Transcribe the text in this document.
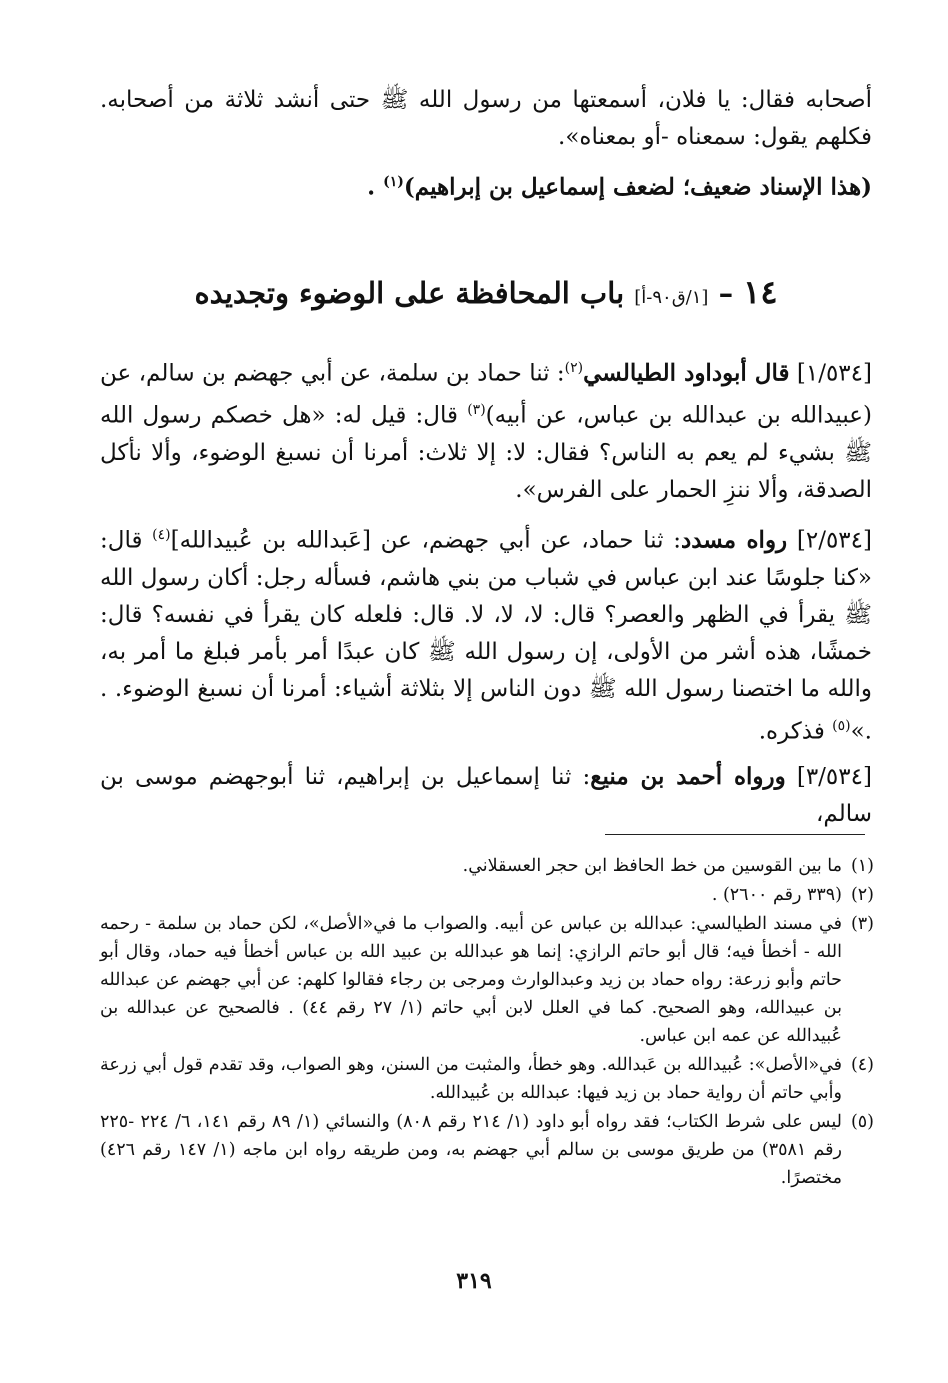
أصحابه فقال: يا فلان، أسمعتها من رسول الله ﷺ حتى أنشد ثلاثة من أصحابه. فكلهم يقول: سمعناه -أو بمعناه».

(هذا الإسناد ضعيف؛ لضعف إسماعيل بن إبراهيم)$^{(١)}$ .

١٤ – [١/ق٩٠-أ] باب المحافظة على الوضوء وتجديده

[١/٥٣٤] قال أبوداود الطيالسي$^{(٢)}$: ثنا حماد بن سلمة، عن أبي جهضم بن سالم، عن (عبيدالله بن عبدالله بن عباس، عن أبيه)$^{(٣)}$ قال: قيل له: «هل خصكم رسول الله ﷺ بشيء لم يعم به الناس؟ فقال: لا: إلا ثلاث: أمرنا أن نسبغ الوضوء، وألا نأكل الصدقة، وألا ننزِ الحمار على الفرس».

[٢/٥٣٤] رواه مسدد: ثنا حماد، عن أبي جهضم، عن [عَبدالله بن عُبيدالله]$^{(٤)}$ قال: «كنا جلوسًا عند ابن عباس في شباب من بني هاشم، فسأله رجل: أكان رسول الله ﷺ يقرأ في الظهر والعصر؟ قال: لا، لا، لا. قال: فلعله كان يقرأ في نفسه؟ قال: خمشًا، هذه أشر من الأولى، إن رسول الله ﷺ كان عبدًا أمر بأمر فبلغ ما أمر به، والله ما اختصنا رسول الله ﷺ دون الناس إلا بثلاثة أشياء: أمرنا أن نسبغ الوضوء. . .»$^{(٥)}$ فذكره.

[٣/٥٣٤] ورواه أحمد بن منيع: ثنا إسماعيل بن إبراهيم، ثنا أبوجهضم موسى بن سالم،

(١)
ما بين القوسين من خط الحافظ ابن حجر العسقلاني.

(٢)
(٣٣٩ رقم ٢٦٠٠) .

(٣)
في مسند الطيالسي: عبدالله بن عباس عن أبيه. والصواب ما في«الأصل»، لكن حماد بن سلمة - رحمه الله - أخطأ فيه؛ قال أبو حاتم الرازي: إنما هو عبدالله بن عبيد الله بن عباس أخطأ فيه حماد، وقال أبو حاتم وأبو زرعة: رواه حماد بن زيد وعبدالوارث ومرجى بن رجاء فقالوا كلهم: عن أبي جهضم عن عبدالله بن عبيدالله، وهو الصحيح. كما في العلل لابن أبي حاتم (١/ ٢٧ رقم ٤٤) . فالصحيح عن عبدالله بن عُبيدالله عن عمه ابن عباس.

(٤)
في«الأصل»: عُبيدالله بن عَبدالله. وهو خطأ، والمثبت من السنن، وهو الصواب، وقد تقدم قول أبي زرعة وأبي حاتم أن رواية حماد بن زيد فيها: عبدالله بن عُبيدالله.

(٥)
ليس على شرط الكتاب؛ فقد رواه أبو داود (١/ ٢١٤ رقم ٨٠٨) والنسائي (١/ ٨٩ رقم ١٤١، ٦/ ٢٢٤ -٢٢٥ رقم ٣٥٨١) من طريق موسى بن سالم أبي جهضم به، ومن طريقه رواه ابن ماجه (١/ ١٤٧ رقم ٤٢٦) مختصرًا.

٣١٩
